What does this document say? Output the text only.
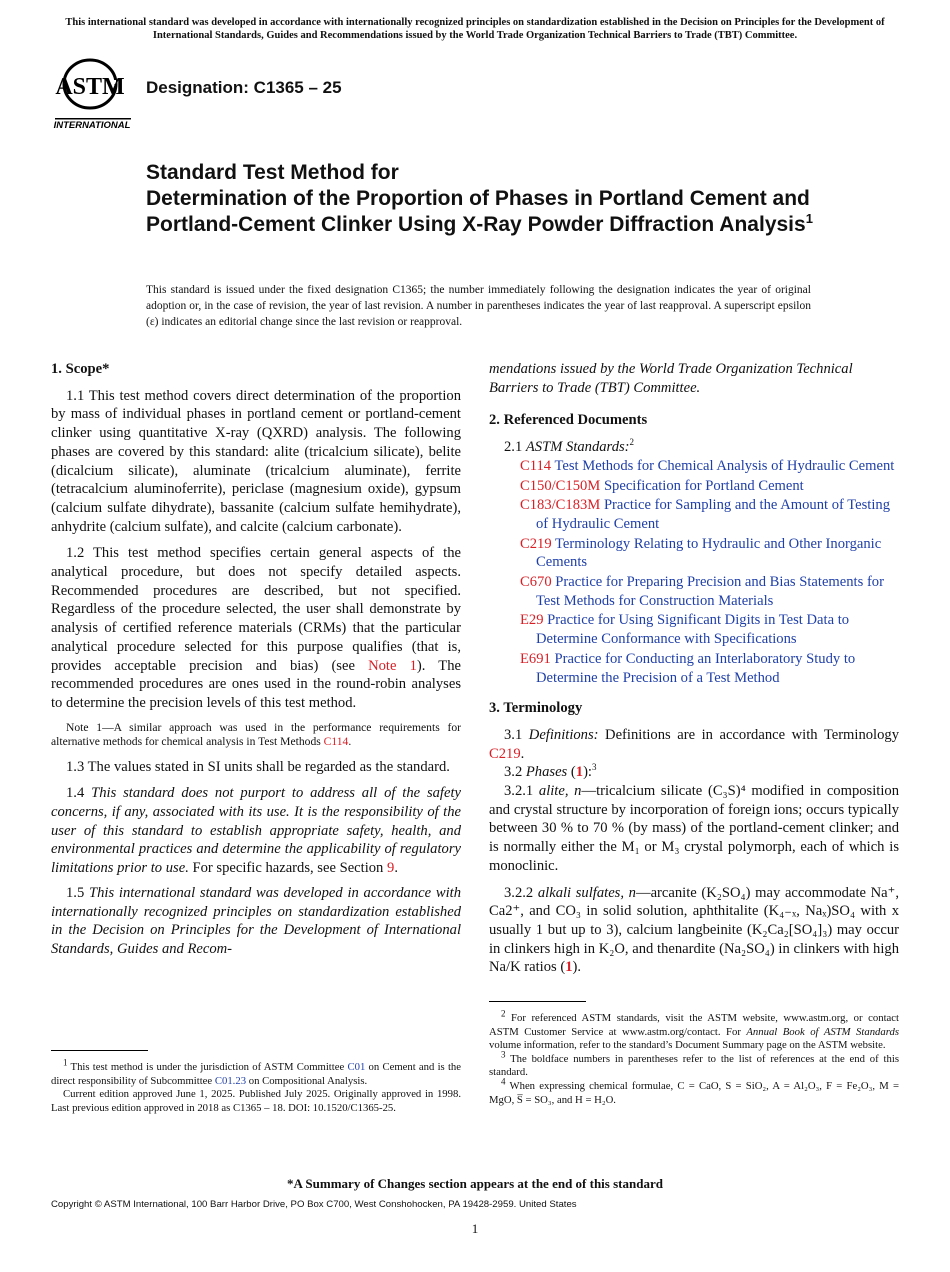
This international standard was developed in accordance with internationally recognized principles on standardization established in the Decision on Principles for the Development of International Standards, Guides and Recommendations issued by the World Trade Organization Technical Barriers to Trade (TBT) Committee.
ASTM
INTERNATIONAL
Designation: C1365 – 25
Standard Test Method for
Determination of the Proportion of Phases in Portland Cement and Portland-Cement Clinker Using X-Ray Powder Diffraction Analysis$^1$
This standard is issued under the fixed designation C1365; the number immediately following the designation indicates the year of original adoption or, in the case of revision, the year of last revision. A number in parentheses indicates the year of last reapproval. A superscript epsilon (ε) indicates an editorial change since the last revision or reapproval.

1. Scope*

1.1 This test method covers direct determination of the proportion by mass of individual phases in portland cement or portland-cement clinker using quantitative X-ray (QXRD) analysis. The following phases are covered by this standard: alite (tricalcium silicate), belite (dicalcium silicate), aluminate (tricalcium aluminate), ferrite (tetracalcium aluminoferrite), periclase (magnesium oxide), gypsum (calcium sulfate dihydrate), bassanite (calcium sulfate hemihydrate), anhydrite (calcium sulfate), and calcite (calcium carbonate).

1.2 This test method specifies certain general aspects of the analytical procedure, but does not specify detailed aspects. Recommended procedures are described, but not specified. Regardless of the procedure selected, the user shall demonstrate by analysis of certified reference materials (CRMs) that the particular analytical procedure selected for this purpose qualifies (that is, provides acceptable precision and bias) (see Note 1). The recommended procedures are ones used in the round-robin analyses to determine the precision levels of this test method.

Note 1—A similar approach was used in the performance requirements for alternative methods for chemical analysis in Test Methods C114.

1.3 The values stated in SI units shall be regarded as the standard.

1.4 This standard does not purport to address all of the safety concerns, if any, associated with its use. It is the responsibility of the user of this standard to establish appropriate safety, health, and environmental practices and determine the applicability of regulatory limitations prior to use. For specific hazards, see Section 9.

1.5 This international standard was developed in accordance with internationally recognized principles on standardization established in the Decision on Principles for the Development of International Standards, Guides and Recom-

mendations issued by the World Trade Organization Technical Barriers to Trade (TBT) Committee.

2. Referenced Documents

2.1 ASTM Standards:$^2$

C114 Test Methods for Chemical Analysis of Hydraulic Cement

C150/C150M Specification for Portland Cement

C183/C183M Practice for Sampling and the Amount of Testing of Hydraulic Cement

C219 Terminology Relating to Hydraulic and Other Inorganic Cements

C670 Practice for Preparing Precision and Bias Statements for Test Methods for Construction Materials

E29 Practice for Using Significant Digits in Test Data to Determine Conformance with Specifications

E691 Practice for Conducting an Interlaboratory Study to Determine the Precision of a Test Method

3. Terminology

3.1 Definitions: Definitions are in accordance with Terminology C219.

3.2 Phases (1):$^3$

3.2.1 alite, n—tricalcium silicate (C₃S)⁴ modified in composition and crystal structure by incorporation of foreign ions; occurs typically between 30 % to 70 % (by mass) of the portland-cement clinker; and is normally either the M₁ or M₃ crystal polymorph, each of which is monoclinic.

3.2.2 alkali sulfates, n—arcanite (K₂SO₄) may accommodate Na⁺, Ca2⁺, and CO₃ in solid solution, aphthitalite (K₄₋ₓ, Naₓ)SO₄ with x usually 1 but up to 3), calcium langbeinite (K₂Ca₂[SO₄]₃) may occur in clinkers high in K₂O, and thenardite (Na₂SO₄) in clinkers with high Na/K ratios (1).

$^1$ This test method is under the jurisdiction of ASTM Committee C01 on Cement and is the direct responsibility of Subcommittee C01.23 on Compositional Analysis.

Current edition approved June 1, 2025. Published July 2025. Originally approved in 1998. Last previous edition approved in 2018 as C1365 – 18. DOI: 10.1520/C1365-25.

$^2$ For referenced ASTM standards, visit the ASTM website, www.astm.org, or contact ASTM Customer Service at www.astm.org/contact. For Annual Book of ASTM Standards volume information, refer to the standard’s Document Summary page on the ASTM website.

$^3$ The boldface numbers in parentheses refer to the list of references at the end of this standard.

$^4$ When expressing chemical formulae, C = CaO, S = SiO₂, A = Al₂O₃, F = Fe₂O₃, M = MgO, S̅ = SO₃, and H = H₂O.

*A Summary of Changes section appears at the end of this standard
Copyright © ASTM International, 100 Barr Harbor Drive, PO Box C700, West Conshohocken, PA 19428-2959. United States
1
